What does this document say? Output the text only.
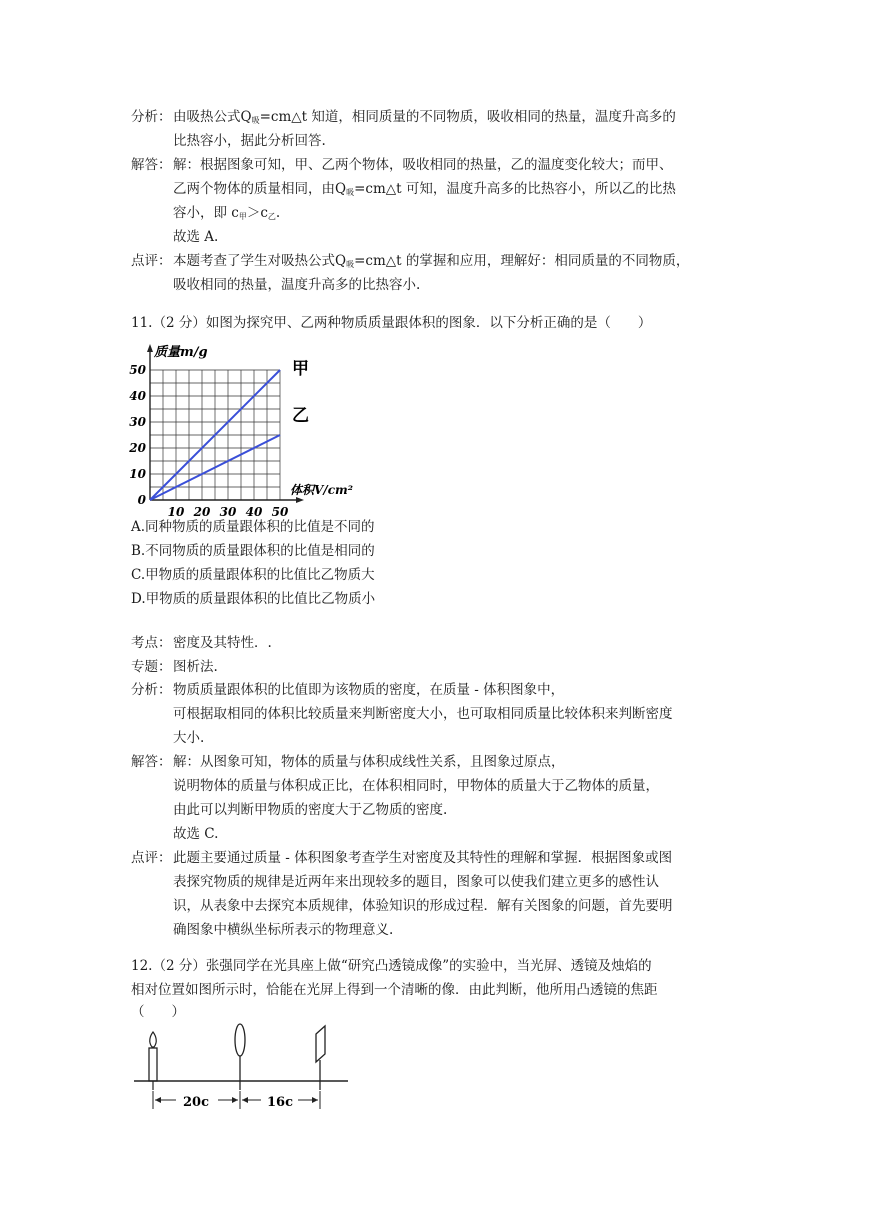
分析： 由吸热公式$Q_吸=cm\triangle t$ 知道，相同质量的不同物质，吸收相同的热量，温度升高多的
比热容小，据此分析回答.
解答： 解：根据图象可知，甲、乙两个物体，吸收相同的热量，乙的温度变化较大；而甲、
乙两个物体的质量相同，由$Q_吸=cm\triangle t$ 可知，温度升高多的比热容小，所以乙的比热
容小，即 $c_甲>c_乙$.
故选 A.
点评： 本题考查了学生对吸热公式$Q_吸=cm\triangle t$ 的掌握和应用，理解好：相同质量的不同物质，
吸收相同的热量，温度升高多的比热容小.
11.（2 分）如图为探究甲、乙两种物质质量跟体积的图象．以下分析正确的是（　　）
0
10
20
30
40
50
10 20 30 40 50
甲
乙
质量m/g
体积V/cm²
A.同种物质的质量跟体积的比值是不同的
B.不同物质的质量跟体积的比值是相同的
C.甲物质的质量跟体积的比值比乙物质大
D.甲物质的质量跟体积的比值比乙物质小
考点： 密度及其特性．.
专题： 图析法.
分析： 物质质量跟体积的比值即为该物质的密度，在质量 - 体积图象中，
可根据取相同的体积比较质量来判断密度大小，也可取相同质量比较体积来判断密度
大小.
解答： 解：从图象可知，物体的质量与体积成线性关系，且图象过原点，
说明物体的质量与体积成正比，在体积相同时，甲物体的质量大于乙物体的质量，
由此可以判断甲物质的密度大于乙物质的密度.
故选 C.
点评： 此题主要通过质量 - 体积图象考查学生对密度及其特性的理解和掌握．根据图象或图
表探究物质的规律是近两年来出现较多的题目，图象可以使我们建立更多的感性认
识，从表象中去探究本质规律，体验知识的形成过程．解有关图象的问题，首先要明
确图象中横纵坐标所表示的物理意义.
12.（2 分）张强同学在光具座上做“研究凸透镜成像”的实验中，当光屏、透镜及烛焰的
相对位置如图所示时，恰能在光屏上得到一个清晰的像．由此判断，他所用凸透镜的焦距
（　　）
20c	16c
